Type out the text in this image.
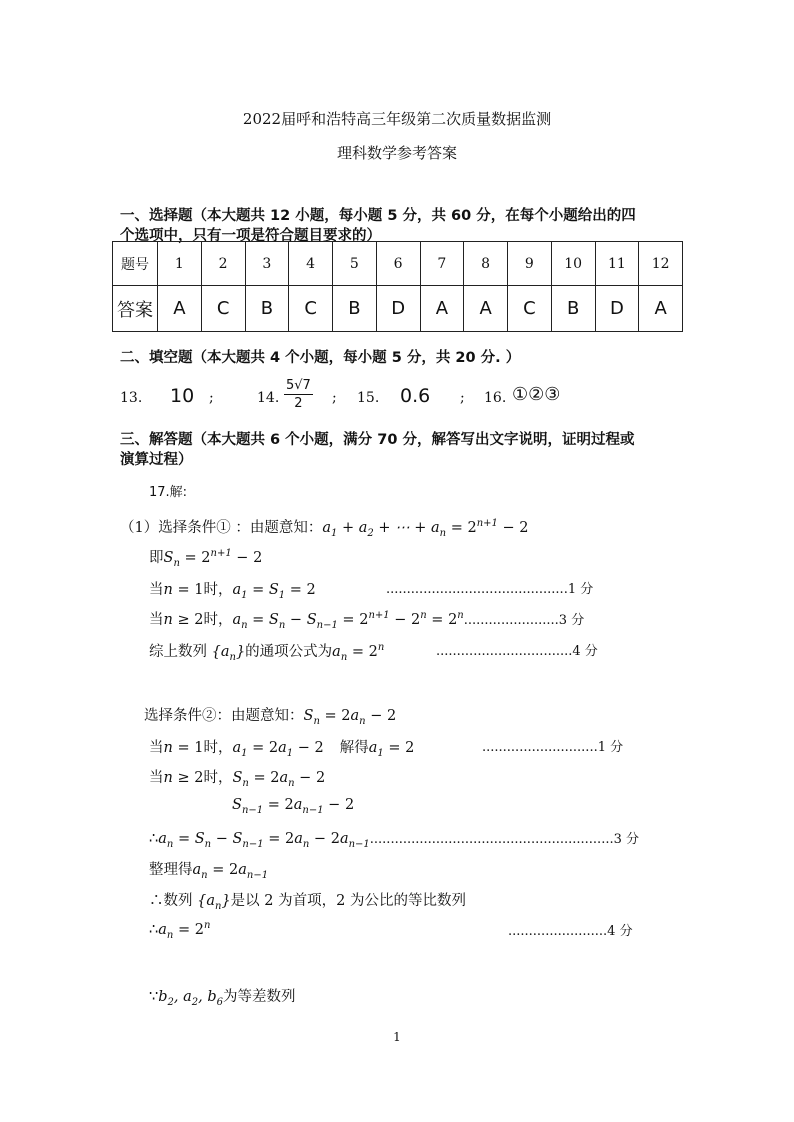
2022届呼和浩特高三年级第二次质量数据监测
理科数学参考答案
一、选择题（本大题共 12 小题，每小题 5 分，共 60 分，在每个小题给出的四
个选项中，只有一项是符合题目要求的）
题号	1	2	3	4	5	6	7	8	9	10	11	12
答案	A	C	B	C	B	D	A	A	C	B	D	A
二、填空题（本大题共 4 个小题，每小题 5 分，共 20 分. ）
13. 10 ;	14. $\frac{5√7}{2}$ ; 15. 0.6 ; 16. ①②③
三、解答题（本大题共 6 个小题，满分 70 分，解答写出文字说明，证明过程或
演算过程）
17.解:
（1）选择条件① ：由题意知：$a_1 + a_2$ + ⋯ + $a_n = 2^{n+1} - 2$
即$S_n = 2^{n+1} - 2$
当n = 1时，$a_1 = S_1 = 2$	............................................1 分
当n ≥ 2时，$a_n = S_n - S_{n-1} = 2^{n+1} - 2^n = 2^n.......................3$ 分
综上数列 $\{a_n\}$的通项公式为$a_n = 2^n$	.................................4 分
选择条件②：由题意知：$S_n = 2a_n - 2$
当n = 1时，$a_1 = 2a_1 - 2$ 解得$a_1 = 2$	............................1 分
当n ≥ 2时，$S_n = 2a_n - 2$
$S_{n-1} = 2a_{n-1} - 2$
$\therefore a_n = S_n - S_{n-1} = 2a_n - 2a_{n-1}...........................................................3$ 分
整理得$a_n = 2a_{n-1}$
∴数列 $\{a_n\}$是以 2 为首项，2 为公比的等比数列
$\therefore a_n = 2^n$	........................4 分
$\because b_2$, $a_2$, $b_6$为等差数列
1
